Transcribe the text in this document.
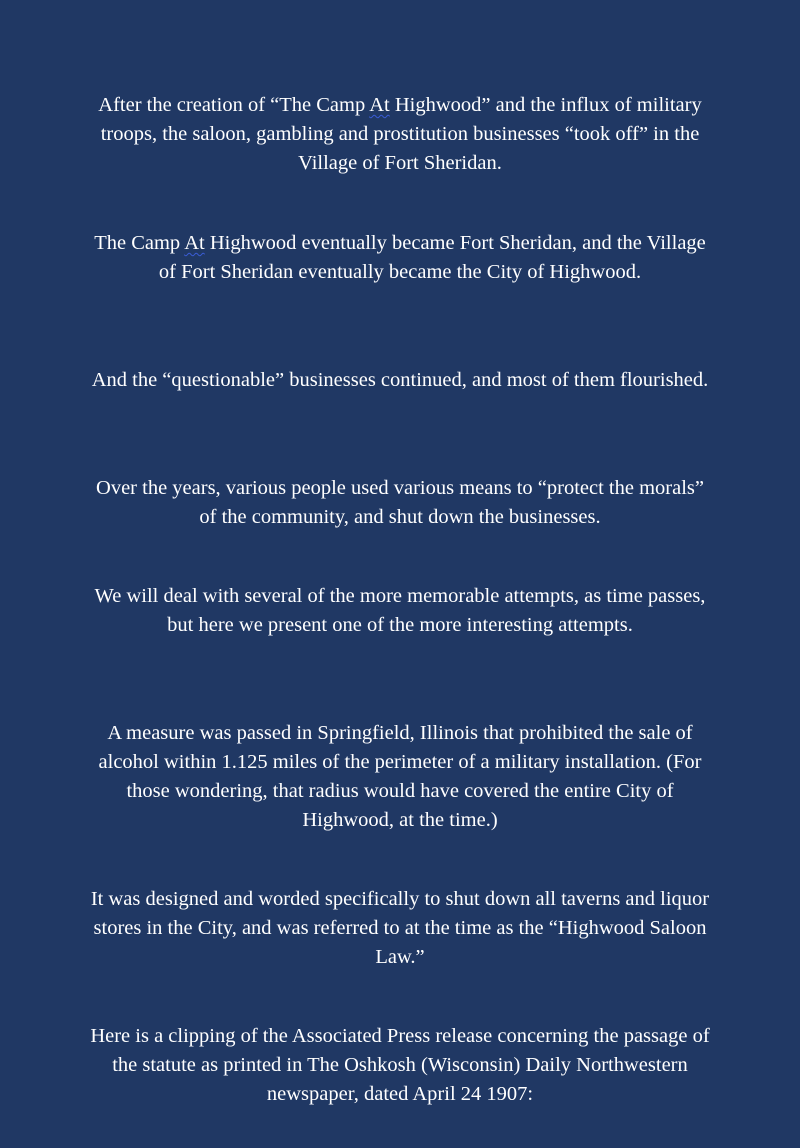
After the creation of “The Camp At Highwood” and the influx of military troops, the saloon, gambling and prostitution businesses “took off” in the Village of Fort Sheridan.

The Camp At Highwood eventually became Fort Sheridan, and the Village of Fort Sheridan eventually became the City of Highwood.

And the “questionable” businesses continued, and most of them flourished.

Over the years, various people used various means to “protect the morals” of the community, and shut down the businesses.

We will deal with several of the more memorable attempts, as time passes, but here we present one of the more interesting attempts.

A measure was passed in Springfield, Illinois that prohibited the sale of alcohol within 1.125 miles of the perimeter of a military installation. (For those wondering, that radius would have covered the entire City of Highwood, at the time.)

It was designed and worded specifically to shut down all taverns and liquor stores in the City, and was referred to at the time as the “Highwood Saloon Law.”

Here is a clipping of the Associated Press release concerning the passage of the statute as printed in The Oshkosh (Wisconsin) Daily Northwestern newspaper, dated April 24 1907:
